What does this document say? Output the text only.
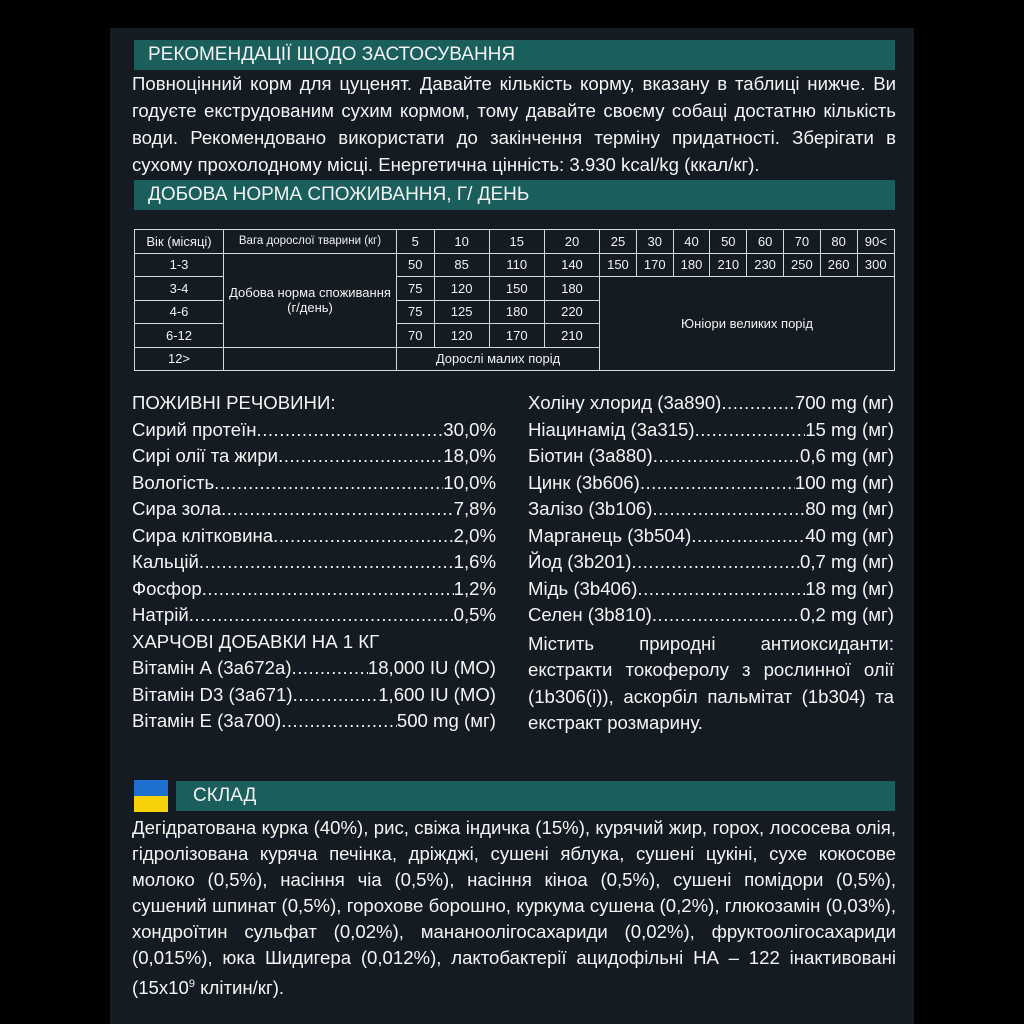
РЕКОМЕНДАЦІЇ ЩОДО ЗАСТОСУВАННЯ
Повноцінний корм для цуценят. Давайте кількість корму, вказану в таблиці нижче. Ви годуєте екструдованим сухим кормом, тому давайте своєму собаці достатню кількість води. Рекомендовано використати до закінчення терміну придатності. Зберігати в сухому прохолодному місці. Енергетична цінність: 3.930 kcal/kg (ккал/кг).
ДОБОВА НОРМА СПОЖИВАННЯ, Г/ ДЕНЬ
Вік (місяці)	Вага дорослої тварини (кг)	5	10	15	20	25	30	40	50	60	70	80	90<
1-3	Добова норма споживання (г/день)	50	85	110	140	150	170	180	210	230	250	260	300
3-4		75	120	150	180	Юніори великих порід							
4-6		75	125	180	220								
6-12		70	120	170	210								
12>		Дорослі малих порід											
ПОЖИВНІ РЕЧОВИНИ:
Сирий протеїн .....	30,0%
Сирі олії та жири .....	18,0%
Вологість .....	10,0%
Сира зола .....	7,8%
Сира клітковина .....	2,0%
Кальцій .....	1,6%
Фосфор .....	1,2%
Натрій .....	0,5%
ХАРЧОВІ ДОБАВКИ НА 1 КГ
Вітамін А (3а672а) .....	18,000 IU (МО)
Вітамін D3 (3а671) .....	1,600 IU (МО)
Вітамін Е (3а700) .....	500 mg (мг)
Холіну хлорид (3а890) .....	700 mg (мг)
Ніацинамід (3а315) .....	15 mg (мг)
Біотин (3а880) .....	0,6 mg (мг)
Цинк (3b606) .....	100 mg (мг)
Залізо (3b106) .....	80 mg (мг)
Марганець (3b504) .....	40 mg (мг)
Йод (3b201) .....	0,7 mg (мг)
Мідь (3b406) .....	18 mg (мг)
Селен (3b810) .....	0,2 mg (мг)
Містить природні антиоксиданти: екстракти токоферолу з рослинної олії (1b306(i)), аскорбіл пальмітат (1b304) та екстракт розмарину.
СКЛАД
Дегідратована курка (40%), рис, свіжа індичка (15%), курячий жир, горох, лососева олія, гідролізована куряча печінка, дріжджі, сушені яблука, сушені цукіні, сухе кокосове молоко (0,5%), насіння чіа (0,5%), насіння кіноа (0,5%), сушені помідори (0,5%), сушений шпинат (0,5%), горохове борошно, куркума сушена (0,2%), глюкозамін (0,03%), хондроїтин сульфат (0,02%), мананоолігосахариди (0,02%), фруктоолігосахариди (0,015%), юка Шидигера (0,012%), лактобактерії ацидофільні НА – 122 інактивовані ($15х10^9$ клітин/кг).
